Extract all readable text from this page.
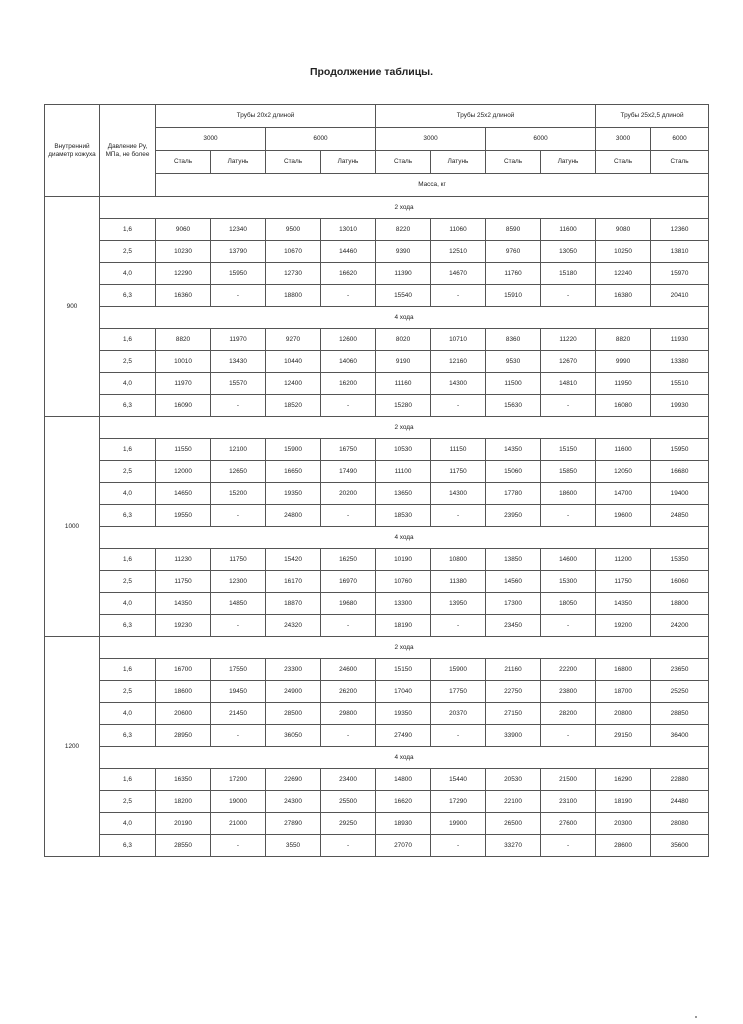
Продолжение таблицы.
Внутренний диаметр кожуха	Давление Ру, МПа, не более	Трубы 20х2 длиной				Трубы 25х2 длиной				Трубы 25х2,5 длиной	
		3000		6000		3000		6000		3000	6000
		Сталь	Латунь	Сталь	Латунь	Сталь	Латунь	Сталь	Латунь	Сталь	Сталь
		Масса, кг									
900	2 хода										
	1,6	9060	12340	9500	13010	8220	11060	8590	11600	9080	12360
	2,5	10230	13790	10670	14460	9390	12510	9760	13050	10250	13810
	4,0	12290	15950	12730	16620	11390	14670	11760	15180	12240	15970
	6,3	16360	-	18800	-	15540	-	15910	-	16380	20410
	4 хода										
	1,6	8820	11970	9270	12600	8020	10710	8360	11220	8820	11930
	2,5	10010	13430	10440	14060	9190	12160	9530	12670	9990	13380
	4,0	11970	15570	12400	16200	11160	14300	11500	14810	11950	15510
	6,3	16090	-	18520	-	15280	-	15630	-	16080	19930
1000	2 хода										
	1,6	11550	12100	15900	16750	10530	11150	14350	15150	11600	15950
	2,5	12000	12650	16650	17490	11100	11750	15060	15850	12050	16680
	4,0	14650	15200	19350	20200	13650	14300	17780	18600	14700	19400
	6,3	19550	-	24800	-	18530	-	23950	-	19600	24850
	4 хода										
	1,6	11230	11750	15420	16250	10190	10800	13850	14600	11200	15350
	2,5	11750	12300	16170	16970	10760	11380	14560	15300	11750	16060
	4,0	14350	14850	18870	19680	13300	13950	17300	18050	14350	18800
	6,3	19230	-	24320	-	18190	-	23450	-	19200	24200
1200	2 хода										
	1,6	16700	17550	23300	24600	15150	15900	21160	22200	16800	23650
	2,5	18600	19450	24900	26200	17040	17750	22750	23800	18700	25250
	4,0	20600	21450	28500	29800	19350	20370	27150	28200	20800	28850
	6,3	28950	-	36050	-	27490	-	33900	-	29150	36400
	4 хода										
	1,6	16350	17200	22690	23400	14800	15440	20530	21500	16290	22880
	2,5	18200	19000	24300	25500	16620	17290	22100	23100	18190	24480
	4,0	20190	21000	27890	29250	18930	19900	26500	27600	20300	28080
	6,3	28550	-	3550	-	27070	-	33270	-	28600	35600
